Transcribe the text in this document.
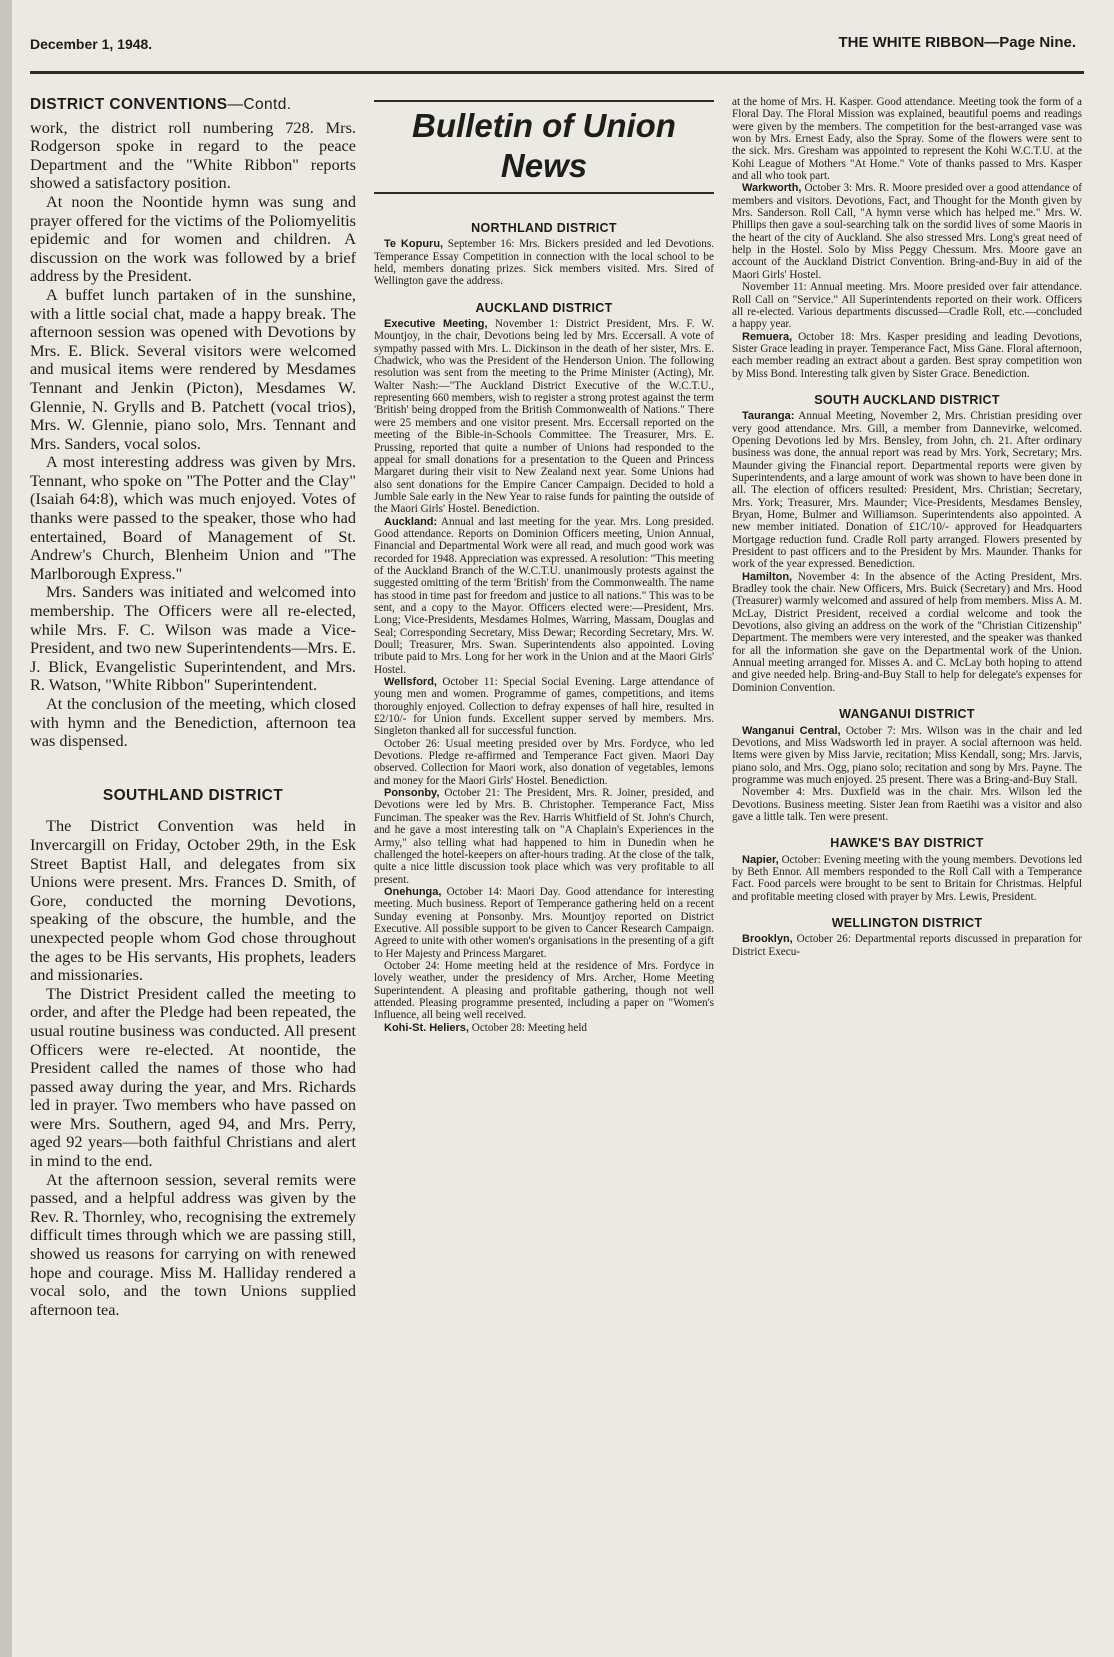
December 1, 1948.	THE WHITE RIBBON—Page Nine.
DISTRICT CONVENTIONS—Contd.

work, the district roll numbering 728. Mrs. Rodgerson spoke in regard to the peace Department and the "White Ribbon" reports showed a satisfactory position.

At noon the Noontide hymn was sung and prayer offered for the victims of the Poliomyelitis epidemic and for women and children. A discussion on the work was followed by a brief address by the President.

A buffet lunch partaken of in the sunshine, with a little social chat, made a happy break. The afternoon session was opened with Devotions by Mrs. E. Blick. Several visitors were welcomed and musical items were rendered by Mesdames Tennant and Jenkin (Picton), Mesdames W. Glennie, N. Grylls and B. Patchett (vocal trios), Mrs. W. Glennie, piano solo, Mrs. Tennant and Mrs. Sanders, vocal solos.

A most interesting address was given by Mrs. Tennant, who spoke on "The Potter and the Clay" (Isaiah 64:8), which was much enjoyed. Votes of thanks were passed to the speaker, those who had entertained, Board of Management of St. Andrew's Church, Blenheim Union and "The Marlborough Express."

Mrs. Sanders was initiated and welcomed into membership. The Officers were all re-elected, while Mrs. F. C. Wilson was made a Vice-President, and two new Superintendents—Mrs. E. J. Blick, Evangelistic Superintendent, and Mrs. R. Watson, "White Ribbon" Superintendent.

At the conclusion of the meeting, which closed with hymn and the Benediction, afternoon tea was dispensed.

SOUTHLAND DISTRICT

The District Convention was held in Invercargill on Friday, October 29th, in the Esk Street Baptist Hall, and delegates from six Unions were present. Mrs. Frances D. Smith, of Gore, conducted the morning Devotions, speaking of the obscure, the humble, and the unexpected people whom God chose throughout the ages to be His servants, His prophets, leaders and missionaries.

The District President called the meeting to order, and after the Pledge had been repeated, the usual routine business was conducted. All present Officers were re-elected. At noontide, the President called the names of those who had passed away during the year, and Mrs. Richards led in prayer. Two members who have passed on were Mrs. Southern, aged 94, and Mrs. Perry, aged 92 years—both faithful Christians and alert in mind to the end.

At the afternoon session, several remits were passed, and a helpful address was given by the Rev. R. Thornley, who, recognising the extremely difficult times through which we are passing still, showed us reasons for carrying on with renewed hope and courage. Miss M. Halliday rendered a vocal solo, and the town Unions supplied afternoon tea.

Bulletin of Union News
NORTHLAND DISTRICT

Te Kopuru, September 16: Mrs. Bickers presided and led Devotions. Temperance Essay Competition in connection with the local school to be held, members donating prizes. Sick members visited. Mrs. Sired of Wellington gave the address.

AUCKLAND DISTRICT

Executive Meeting, November 1: District President, Mrs. F. W. Mountjoy, in the chair, Devotions being led by Mrs. Eccersall. A vote of sympathy passed with Mrs. L. Dickinson in the death of her sister, Mrs. E. Chadwick, who was the President of the Henderson Union. The following resolution was sent from the meeting to the Prime Minister (Acting), Mr. Walter Nash:—"The Auckland District Executive of the W.C.T.U., representing 660 members, wish to register a strong protest against the term 'British' being dropped from the British Commonwealth of Nations." There were 25 members and one visitor present. Mrs. Eccersall reported on the meeting of the Bible-in-Schools Committee. The Treasurer, Mrs. E. Prussing, reported that quite a number of Unions had responded to the appeal for small donations for a presentation to the Queen and Princess Margaret during their visit to New Zealand next year. Some Unions had also sent donations for the Empire Cancer Campaign. Decided to hold a Jumble Sale early in the New Year to raise funds for painting the outside of the Maori Girls' Hostel. Benediction.

Auckland: Annual and last meeting for the year. Mrs. Long presided. Good attendance. Reports on Dominion Officers meeting, Union Annual, Financial and Departmental Work were all read, and much good work was recorded for 1948. Appreciation was expressed. A resolution: "This meeting of the Auckland Branch of the W.C.T.U. unanimously protests against the suggested omitting of the term 'British' from the Commonwealth. The name has stood in time past for freedom and justice to all nations." This was to be sent, and a copy to the Mayor. Officers elected were:—President, Mrs. Long; Vice-Presidents, Mesdames Holmes, Warring, Massam, Douglas and Seal; Corresponding Secretary, Miss Dewar; Recording Secretary, Mrs. W. Doull; Treasurer, Mrs. Swan. Superintendents also appointed. Loving tribute paid to Mrs. Long for her work in the Union and at the Maori Girls' Hostel.

Wellsford, October 11: Special Social Evening. Large attendance of young men and women. Programme of games, competitions, and items thoroughly enjoyed. Collection to defray expenses of hall hire, resulted in £2/10/- for Union funds. Excellent supper served by members. Mrs. Singleton thanked all for successful function.

October 26: Usual meeting presided over by Mrs. Fordyce, who led Devotions. Pledge re-affirmed and Temperance Fact given. Maori Day observed. Collection for Maori work, also donation of vegetables, lemons and money for the Maori Girls' Hostel. Benediction.

Ponsonby, October 21: The President, Mrs. R. Joiner, presided, and Devotions were led by Mrs. B. Christopher. Temperance Fact, Miss Funciman. The speaker was the Rev. Harris Whitfield of St. John's Church, and he gave a most interesting talk on "A Chaplain's Experiences in the Army," also telling what had happened to him in Dunedin when he challenged the hotel-keepers on after-hours trading. At the close of the talk, quite a nice little discussion took place which was very profitable to all present.

Onehunga, October 14: Maori Day. Good attendance for interesting meeting. Much business. Report of Temperance gathering held on a recent Sunday evening at Ponsonby. Mrs. Mountjoy reported on District Executive. All possible support to be given to Cancer Research Campaign. Agreed to unite with other women's organisations in the presenting of a gift to Her Majesty and Princess Margaret.

October 24: Home meeting held at the residence of Mrs. Fordyce in lovely weather, under the presidency of Mrs. Archer, Home Meeting Superintendent. A pleasing and profitable gathering, though not well attended. Pleasing programme presented, including a paper on "Women's Influence, all being well received.

Kohi-St. Heliers, October 28: Meeting held

at the home of Mrs. H. Kasper. Good attendance. Meeting took the form of a Floral Day. The Floral Mission was explained, beautiful poems and readings were given by the members. The competition for the best-arranged vase was won by Mrs. Ernest Eady, also the Spray. Some of the flowers were sent to the sick. Mrs. Gresham was appointed to represent the Kohi W.C.T.U. at the Kohi League of Mothers "At Home." Vote of thanks passed to Mrs. Kasper and all who took part.

Warkworth, October 3: Mrs. R. Moore presided over a good attendance of members and visitors. Devotions, Fact, and Thought for the Month given by Mrs. Sanderson. Roll Call, "A hymn verse which has helped me." Mrs. W. Phillips then gave a soul-searching talk on the sordid lives of some Maoris in the heart of the city of Auckland. She also stressed Mrs. Long's great need of help in the Hostel. Solo by Miss Peggy Chessum. Mrs. Moore gave an account of the Auckland District Convention. Bring-and-Buy in aid of the Maori Girls' Hostel.

November 11: Annual meeting. Mrs. Moore presided over fair attendance. Roll Call on "Service." All Superintendents reported on their work. Officers all re-elected. Various departments discussed—Cradle Roll, etc.—concluded a happy year.

Remuera, October 18: Mrs. Kasper presiding and leading Devotions, Sister Grace leading in prayer. Temperance Fact, Miss Gane. Floral afternoon, each member reading an extract about a garden. Best spray competition won by Miss Bond. Interesting talk given by Sister Grace. Benediction.

SOUTH AUCKLAND DISTRICT

Tauranga: Annual Meeting, November 2, Mrs. Christian presiding over very good attendance. Mrs. Gill, a member from Dannevirke, welcomed. Opening Devotions led by Mrs. Bensley, from John, ch. 21. After ordinary business was done, the annual report was read by Mrs. York, Secretary; Mrs. Maunder giving the Financial report. Departmental reports were given by Superintendents, and a large amount of work was shown to have been done in all. The election of officers resulted: President, Mrs. Christian; Secretary, Mrs. York; Treasurer, Mrs. Maunder; Vice-Presidents, Mesdames Bensley, Bryan, Home, Bulmer and Williamson. Superintendents also appointed. A new member initiated. Donation of £1C/10/- approved for Headquarters Mortgage reduction fund. Cradle Roll party arranged. Flowers presented by President to past officers and to the President by Mrs. Maunder. Thanks for work of the year expressed. Benediction.

Hamilton, November 4: In the absence of the Acting President, Mrs. Bradley took the chair. New Officers, Mrs. Buick (Secretary) and Mrs. Hood (Treasurer) warmly welcomed and assured of help from members. Miss A. M. McLay, District President, received a cordial welcome and took the Devotions, also giving an address on the work of the "Christian Citizenship" Department. The members were very interested, and the speaker was thanked for all the information she gave on the Departmental work of the Union. Annual meeting arranged for. Misses A. and C. McLay both hoping to attend and give needed help. Bring-and-Buy Stall to help for delegate's expenses for Dominion Convention.

WANGANUI DISTRICT

Wanganui Central, October 7: Mrs. Wilson was in the chair and led Devotions, and Miss Wadsworth led in prayer. A social afternoon was held. Items were given by Miss Jarvie, recitation; Miss Kendall, song; Mrs. Jarvis, piano solo, and Mrs. Ogg, piano solo; recitation and song by Mrs. Payne. The programme was much enjoyed. 25 present. There was a Bring-and-Buy Stall.

November 4: Mrs. Duxfield was in the chair. Mrs. Wilson led the Devotions. Business meeting. Sister Jean from Raetihi was a visitor and also gave a little talk. Ten were present.

HAWKE'S BAY DISTRICT

Napier, October: Evening meeting with the young members. Devotions led by Beth Ennor. All members responded to the Roll Call with a Temperance Fact. Food parcels were brought to be sent to Britain for Christmas. Helpful and profitable meeting closed with prayer by Mrs. Lewis, President.

WELLINGTON DISTRICT

Brooklyn, October 26: Departmental reports discussed in preparation for District Execu-
